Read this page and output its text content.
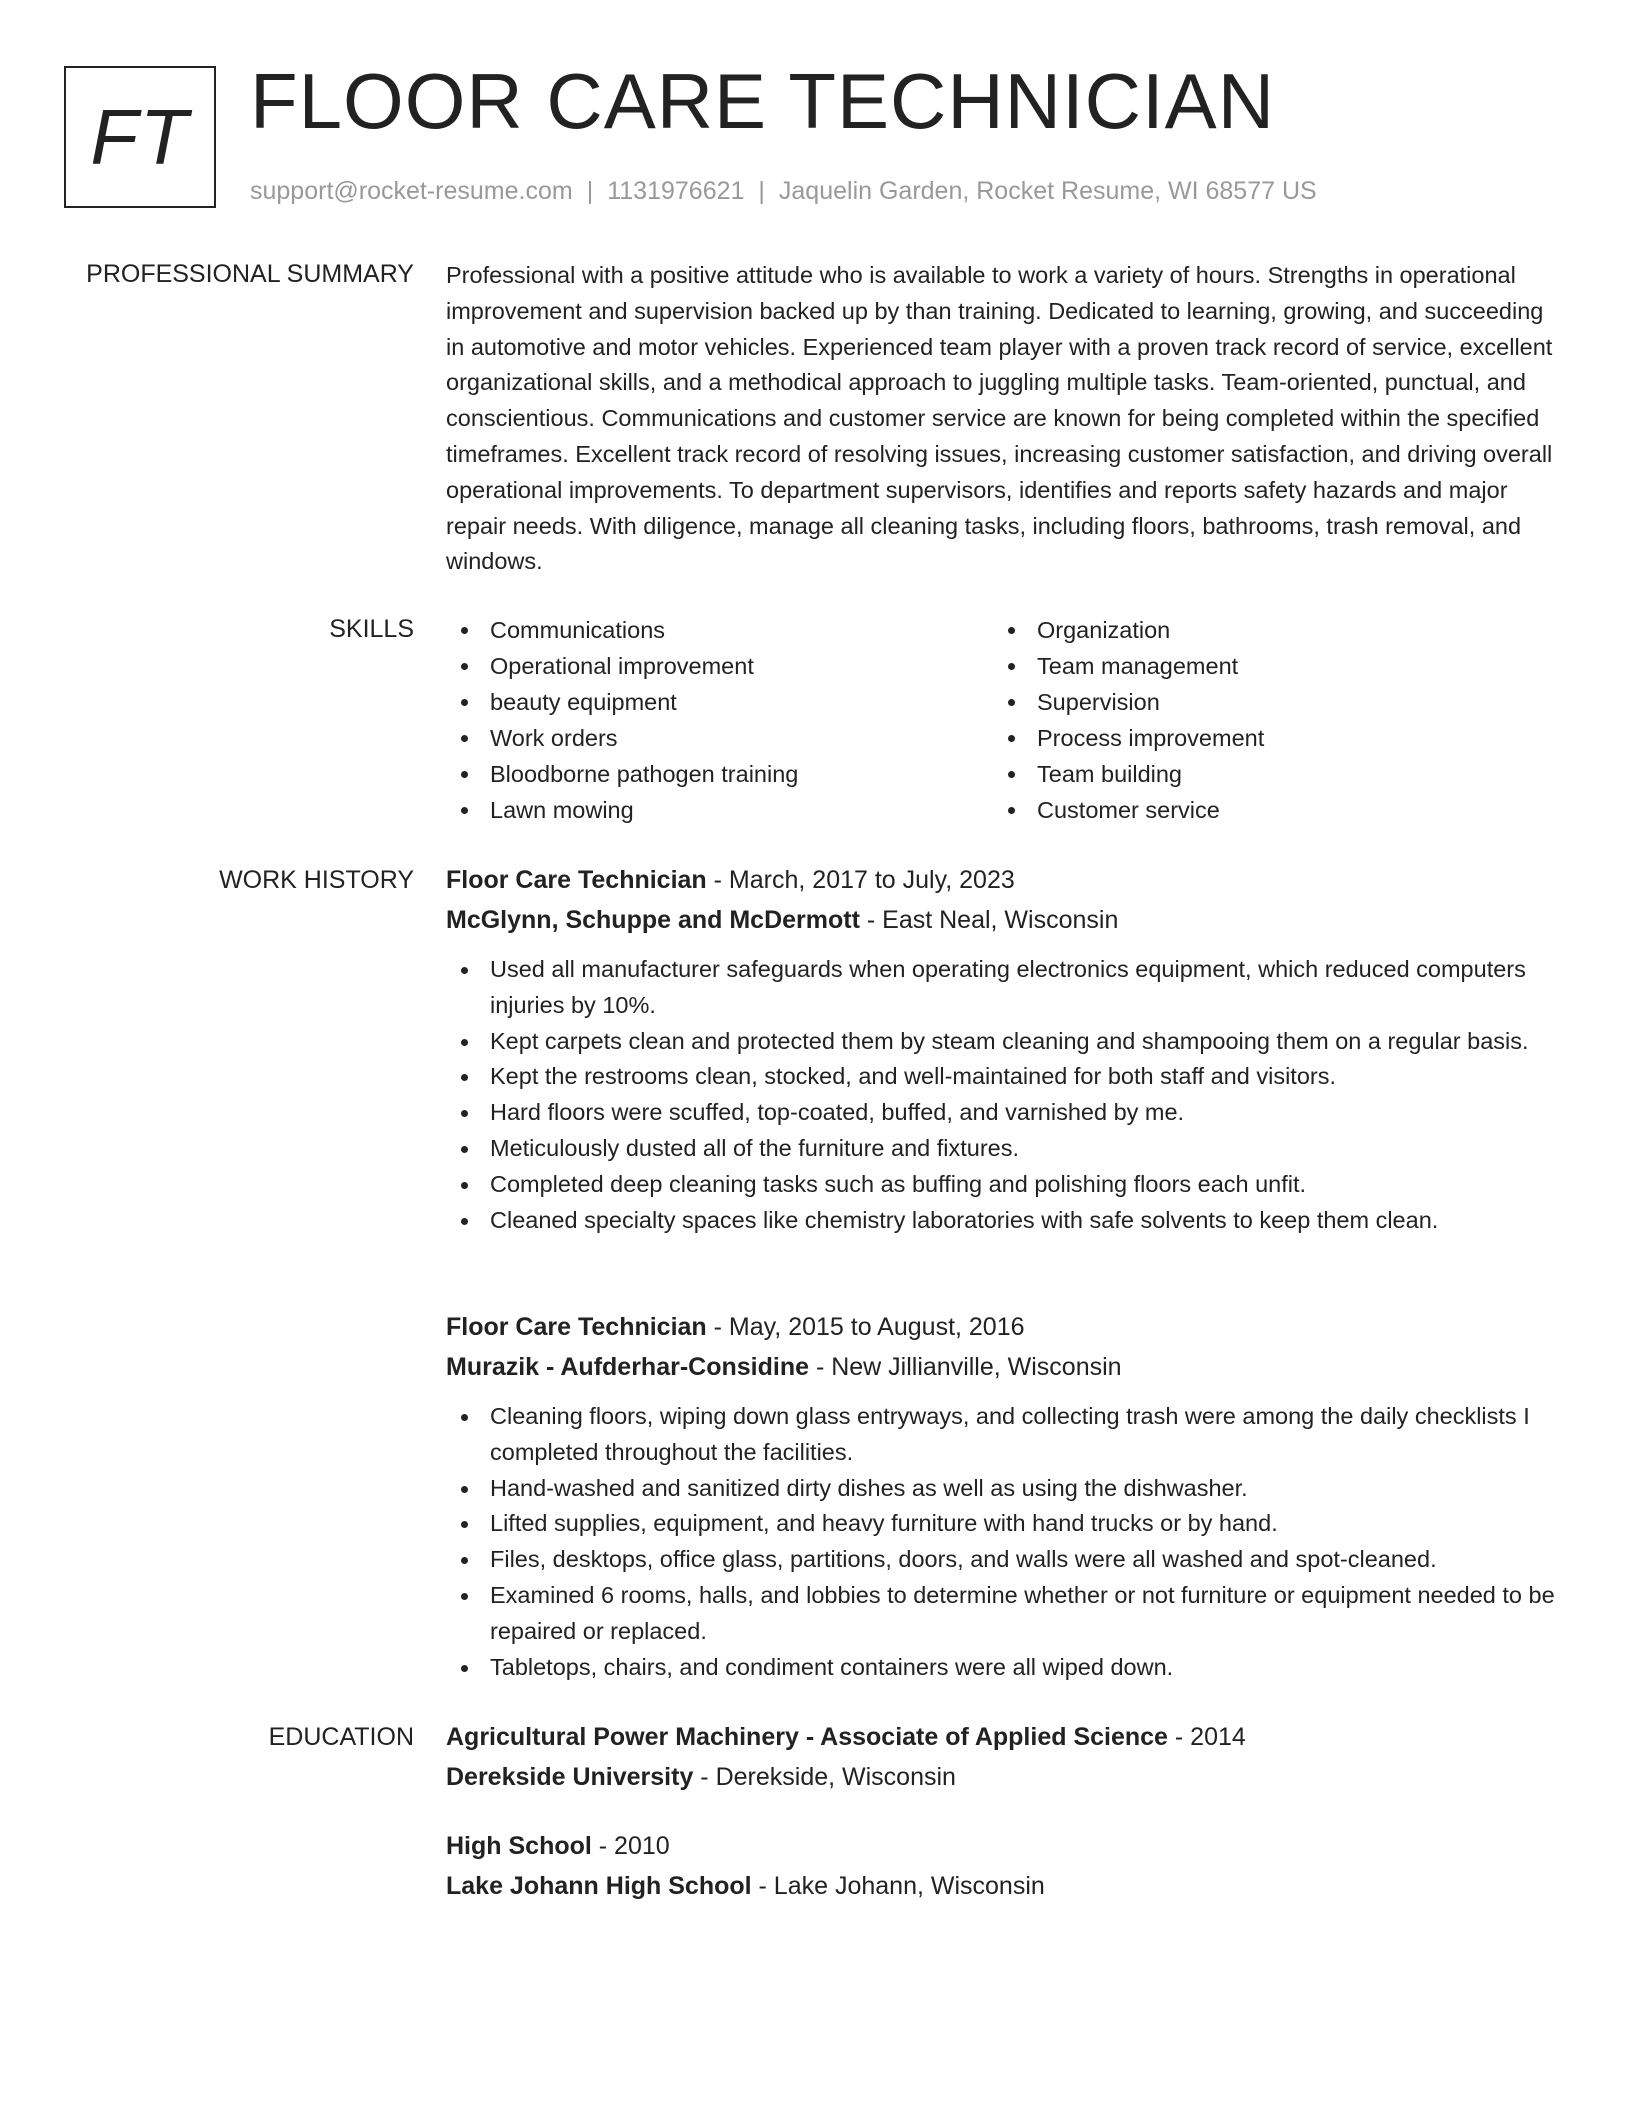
FT FLOOR CARE TECHNICIAN
support@rocket-resume.com | 1131976621 | Jaquelin Garden, Rocket Resume, WI 68577 US
PROFESSIONAL SUMMARY Professional with a positive attitude who is available to work a variety of hours. Strengths in operational improvement and supervision backed up by than training. Dedicated to learning, growing, and succeeding in automotive and motor vehicles. Experienced team player with a proven track record of service, excellent organizational skills, and a methodical approach to juggling multiple tasks. Team-oriented, punctual, and conscientious. Communications and customer service are known for being completed within the specified timeframes. Excellent track record of resolving issues, increasing customer satisfaction, and driving overall operational improvements. To department supervisors, identifies and reports safety hazards and major repair needs. With diligence, manage all cleaning tasks, including floors, bathrooms, trash removal, and windows.
SKILLS	Communications
Operational improvement
beauty equipment
Work orders
Bloodborne pathogen training
Lawn mowing
Organization
Team management
Supervision
Process improvement
Team building
Customer service
WORK HISTORY Floor Care Technician - March, 2017 to July, 2023
McGlynn, Schuppe and McDermott - East Neal, Wisconsin
Used all manufacturer safeguards when operating electronics equipment, which reduced computers injuries by 10%.
Kept carpets clean and protected them by steam cleaning and shampooing them on a regular basis.
Kept the restrooms clean, stocked, and well-maintained for both staff and visitors.
Hard floors were scuffed, top-coated, buffed, and varnished by me.
Meticulously dusted all of the furniture and fixtures.
Completed deep cleaning tasks such as buffing and polishing floors each unfit.
Cleaned specialty spaces like chemistry laboratories with safe solvents to keep them clean.
Floor Care Technician - May, 2015 to August, 2016
Murazik - Aufderhar-Considine - New Jillianville, Wisconsin
Cleaning floors, wiping down glass entryways, and collecting trash were among the daily checklists I completed throughout the facilities.
Hand-washed and sanitized dirty dishes as well as using the dishwasher.
Lifted supplies, equipment, and heavy furniture with hand trucks or by hand.
Files, desktops, office glass, partitions, doors, and walls were all washed and spot-cleaned.
Examined 6 rooms, halls, and lobbies to determine whether or not furniture or equipment needed to be repaired or replaced.
Tabletops, chairs, and condiment containers were all wiped down.
EDUCATION Agricultural Power Machinery - Associate of Applied Science - 2014
Derekside University - Derekside, Wisconsin
High School - 2010
Lake Johann High School - Lake Johann, Wisconsin
